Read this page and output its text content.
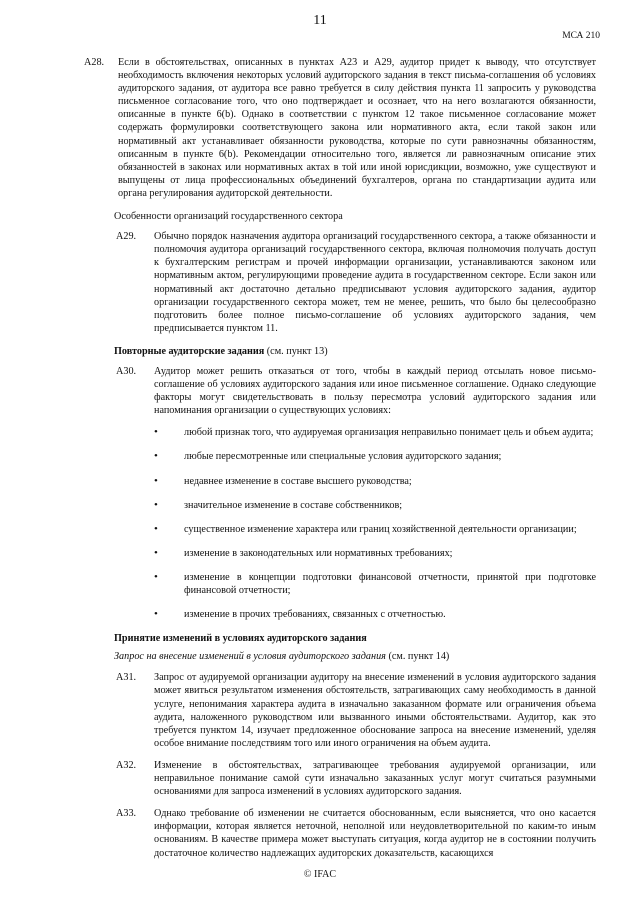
11
МСА 210
A28.	Если в обстоятельствах, описанных в пунктах A23 и A29, аудитор придет к выводу, что отсутствует необходимость включения некоторых условий аудиторского задания в текст письма-соглашения об условиях аудиторского задания, от аудитора все равно требуется в силу действия пункта 11 запросить у руководства письменное согласование того, что оно подтверждает и осознает, что на него возлагаются обязанности, описанные в пункте 6(b). Однако в соответствии с пунктом 12 такое письменное согласование может содержать формулировки соответствующего закона или нормативного акта, если такой закон или нормативный акт устанавливает обязанности руководства, которые по сути равнозначны обязанностям, описанным в пункте 6(b). Рекомендации относительно того, является ли равнозначным описание этих обязанностей в законах или нормативных актах в той или иной юрисдикции, возможно, уже существуют и выпущены от лица профессиональных объединений бухгалтеров, органа по стандартизации аудита или органа регулирования аудиторской деятельности.
Особенности организаций государственного сектора
A29.	Обычно порядок назначения аудитора организаций государственного сектора, а также обязанности и полномочия аудитора организаций государственного сектора, включая полномочия получать доступ к бухгалтерским регистрам и прочей информации организации, устанавливаются законом или нормативным актом, регулирующими проведение аудита в государственном секторе. Если закон или нормативный акт достаточно детально предписывают условия аудиторского задания, аудитор организации государственного сектора может, тем не менее, решить, что было бы целесообразно подготовить более полное письмо-соглашение об условиях аудиторского задания, чем предписывается пунктом 11.
Повторные аудиторские задания (см. пункт 13)
A30.	Аудитор может решить отказаться от того, чтобы в каждый период отсылать новое письмо-соглашение об условиях аудиторского задания или иное письменное соглашение. Однако следующие факторы могут свидетельствовать в пользу пересмотра условий аудиторского задания или напоминания организации о существующих условиях:
•	любой признак того, что аудируемая организация неправильно понимает цель и объем аудита;
•	любые пересмотренные или специальные условия аудиторского задания;
•	недавнее изменение в составе высшего руководства;
•	значительное изменение в составе собственников;
•	существенное изменение характера или границ хозяйственной деятельности организации;
•	изменение в законодательных или нормативных требованиях;
•	изменение в концепции подготовки финансовой отчетности, принятой при подготовке финансовой отчетности;
•	изменение в прочих требованиях, связанных с отчетностью.
Принятие изменений в условиях аудиторского задания
Запрос на внесение изменений в условия аудиторского задания (см. пункт 14)
A31.	Запрос от аудируемой организации аудитору на внесение изменений в условия аудиторского задания может явиться результатом изменения обстоятельств, затрагивающих саму необходимость в данной услуге, непонимания характера аудита в изначально заказанном формате или ограничения объема аудита, наложенного руководством или вызванного иными обстоятельствами. Аудитор, как это требуется пунктом 14, изучает предложенное обоснование запроса на внесение изменений, уделяя особое внимание последствиям того или иного ограничения на объем аудита.
A32.	Изменение в обстоятельствах, затрагивающее требования аудируемой организации, или неправильное понимание самой сути изначально заказанных услуг могут считаться разумными основаниями для запроса изменений в условиях аудиторского задания.
A33.	Однако требование об изменении не считается обоснованным, если выясняется, что оно касается информации, которая является неточной, неполной или неудовлетворительной по каким-то иным основаниям. В качестве примера может выступать ситуация, когда аудитор не в состоянии получить достаточное количество надлежащих аудиторских доказательств, касающихся
© IFAC
